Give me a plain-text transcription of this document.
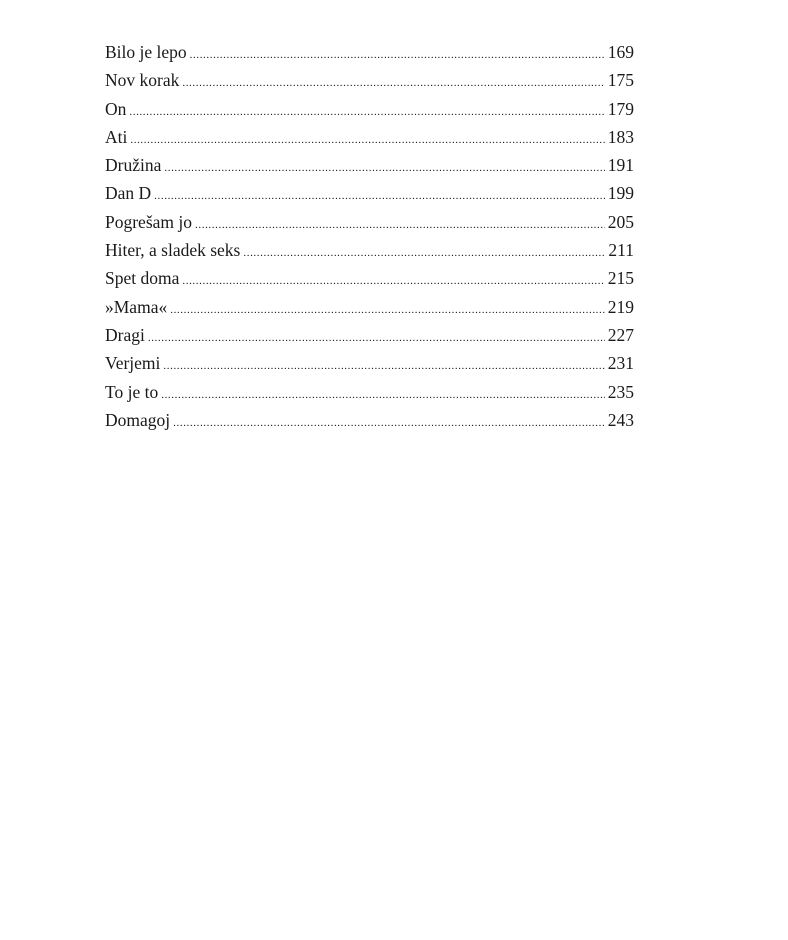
Bilo je lepo .....	169
Nov korak .....	175
On .....	179
Ati .....	183
Družina .....	191
Dan D .....	199
Pogrešam jo .....	205
Hiter, a sladek seks .....	211
Spet doma .....	215
»Mama« .....	219
Dragi .....	227
Verjemi .....	231
To je to .....	235
Domagoj .....	243
